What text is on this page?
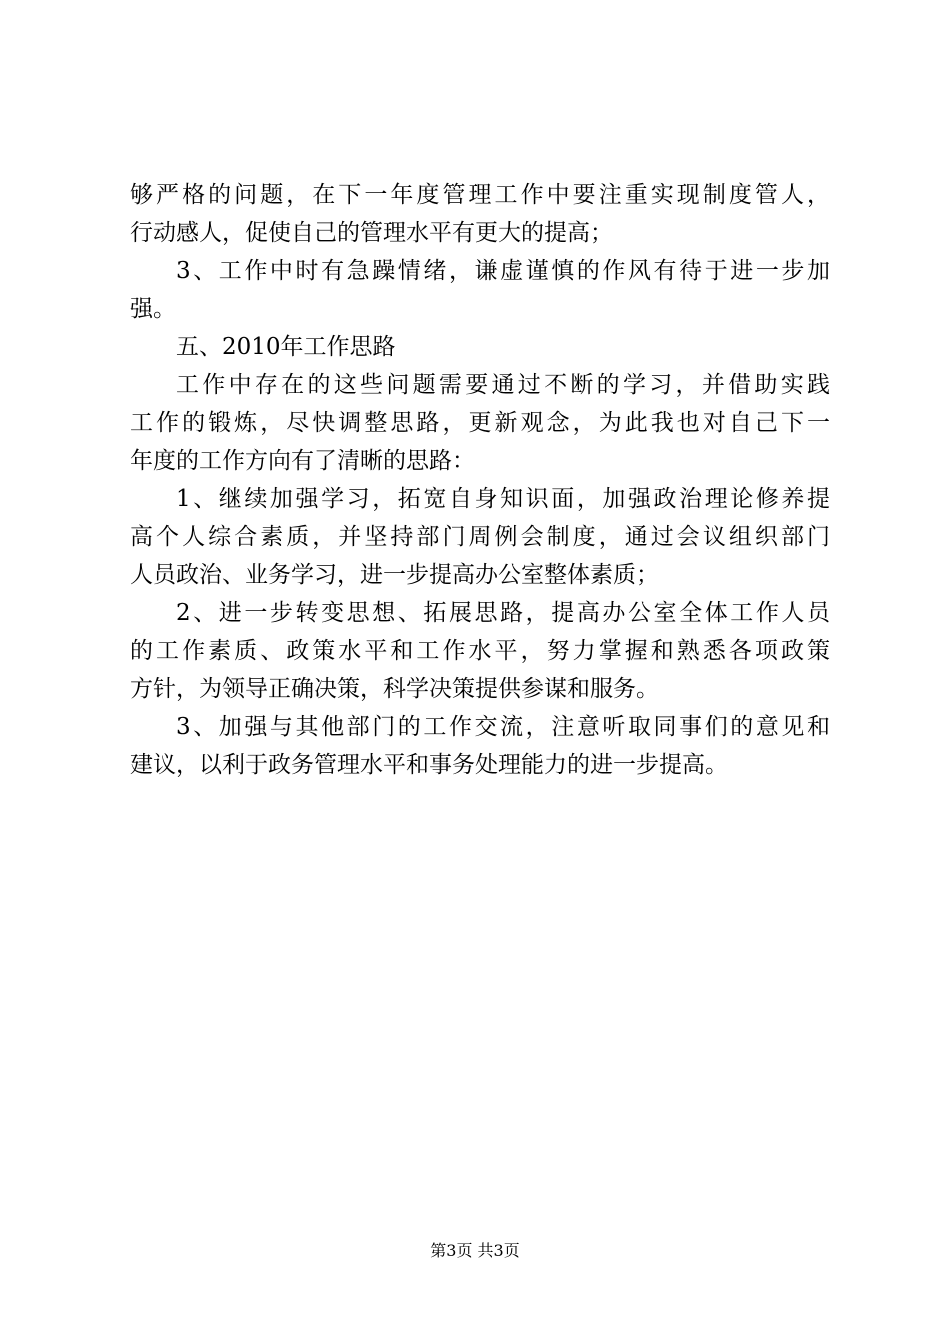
够严格的问题，在下一年度管理工作中要注重实现制度管人，
行动感人，促使自己的管理水平有更大的提高；
3、工作中时有急躁情绪，谦虚谨慎的作风有待于进一步加
强。
五、2010年工作思路
工作中存在的这些问题需要通过不断的学习，并借助实践
工作的锻炼，尽快调整思路，更新观念，为此我也对自己下一
年度的工作方向有了清晰的思路：
1、继续加强学习，拓宽自身知识面，加强政治理论修养提
高个人综合素质，并坚持部门周例会制度，通过会议组织部门
人员政治、业务学习，进一步提高办公室整体素质；
2、进一步转变思想、拓展思路，提高办公室全体工作人员
的工作素质、政策水平和工作水平，努力掌握和熟悉各项政策
方针，为领导正确决策，科学决策提供参谋和服务。
3、加强与其他部门的工作交流，注意听取同事们的意见和
建议，以利于政务管理水平和事务处理能力的进一步提高。
第3页 共3页
